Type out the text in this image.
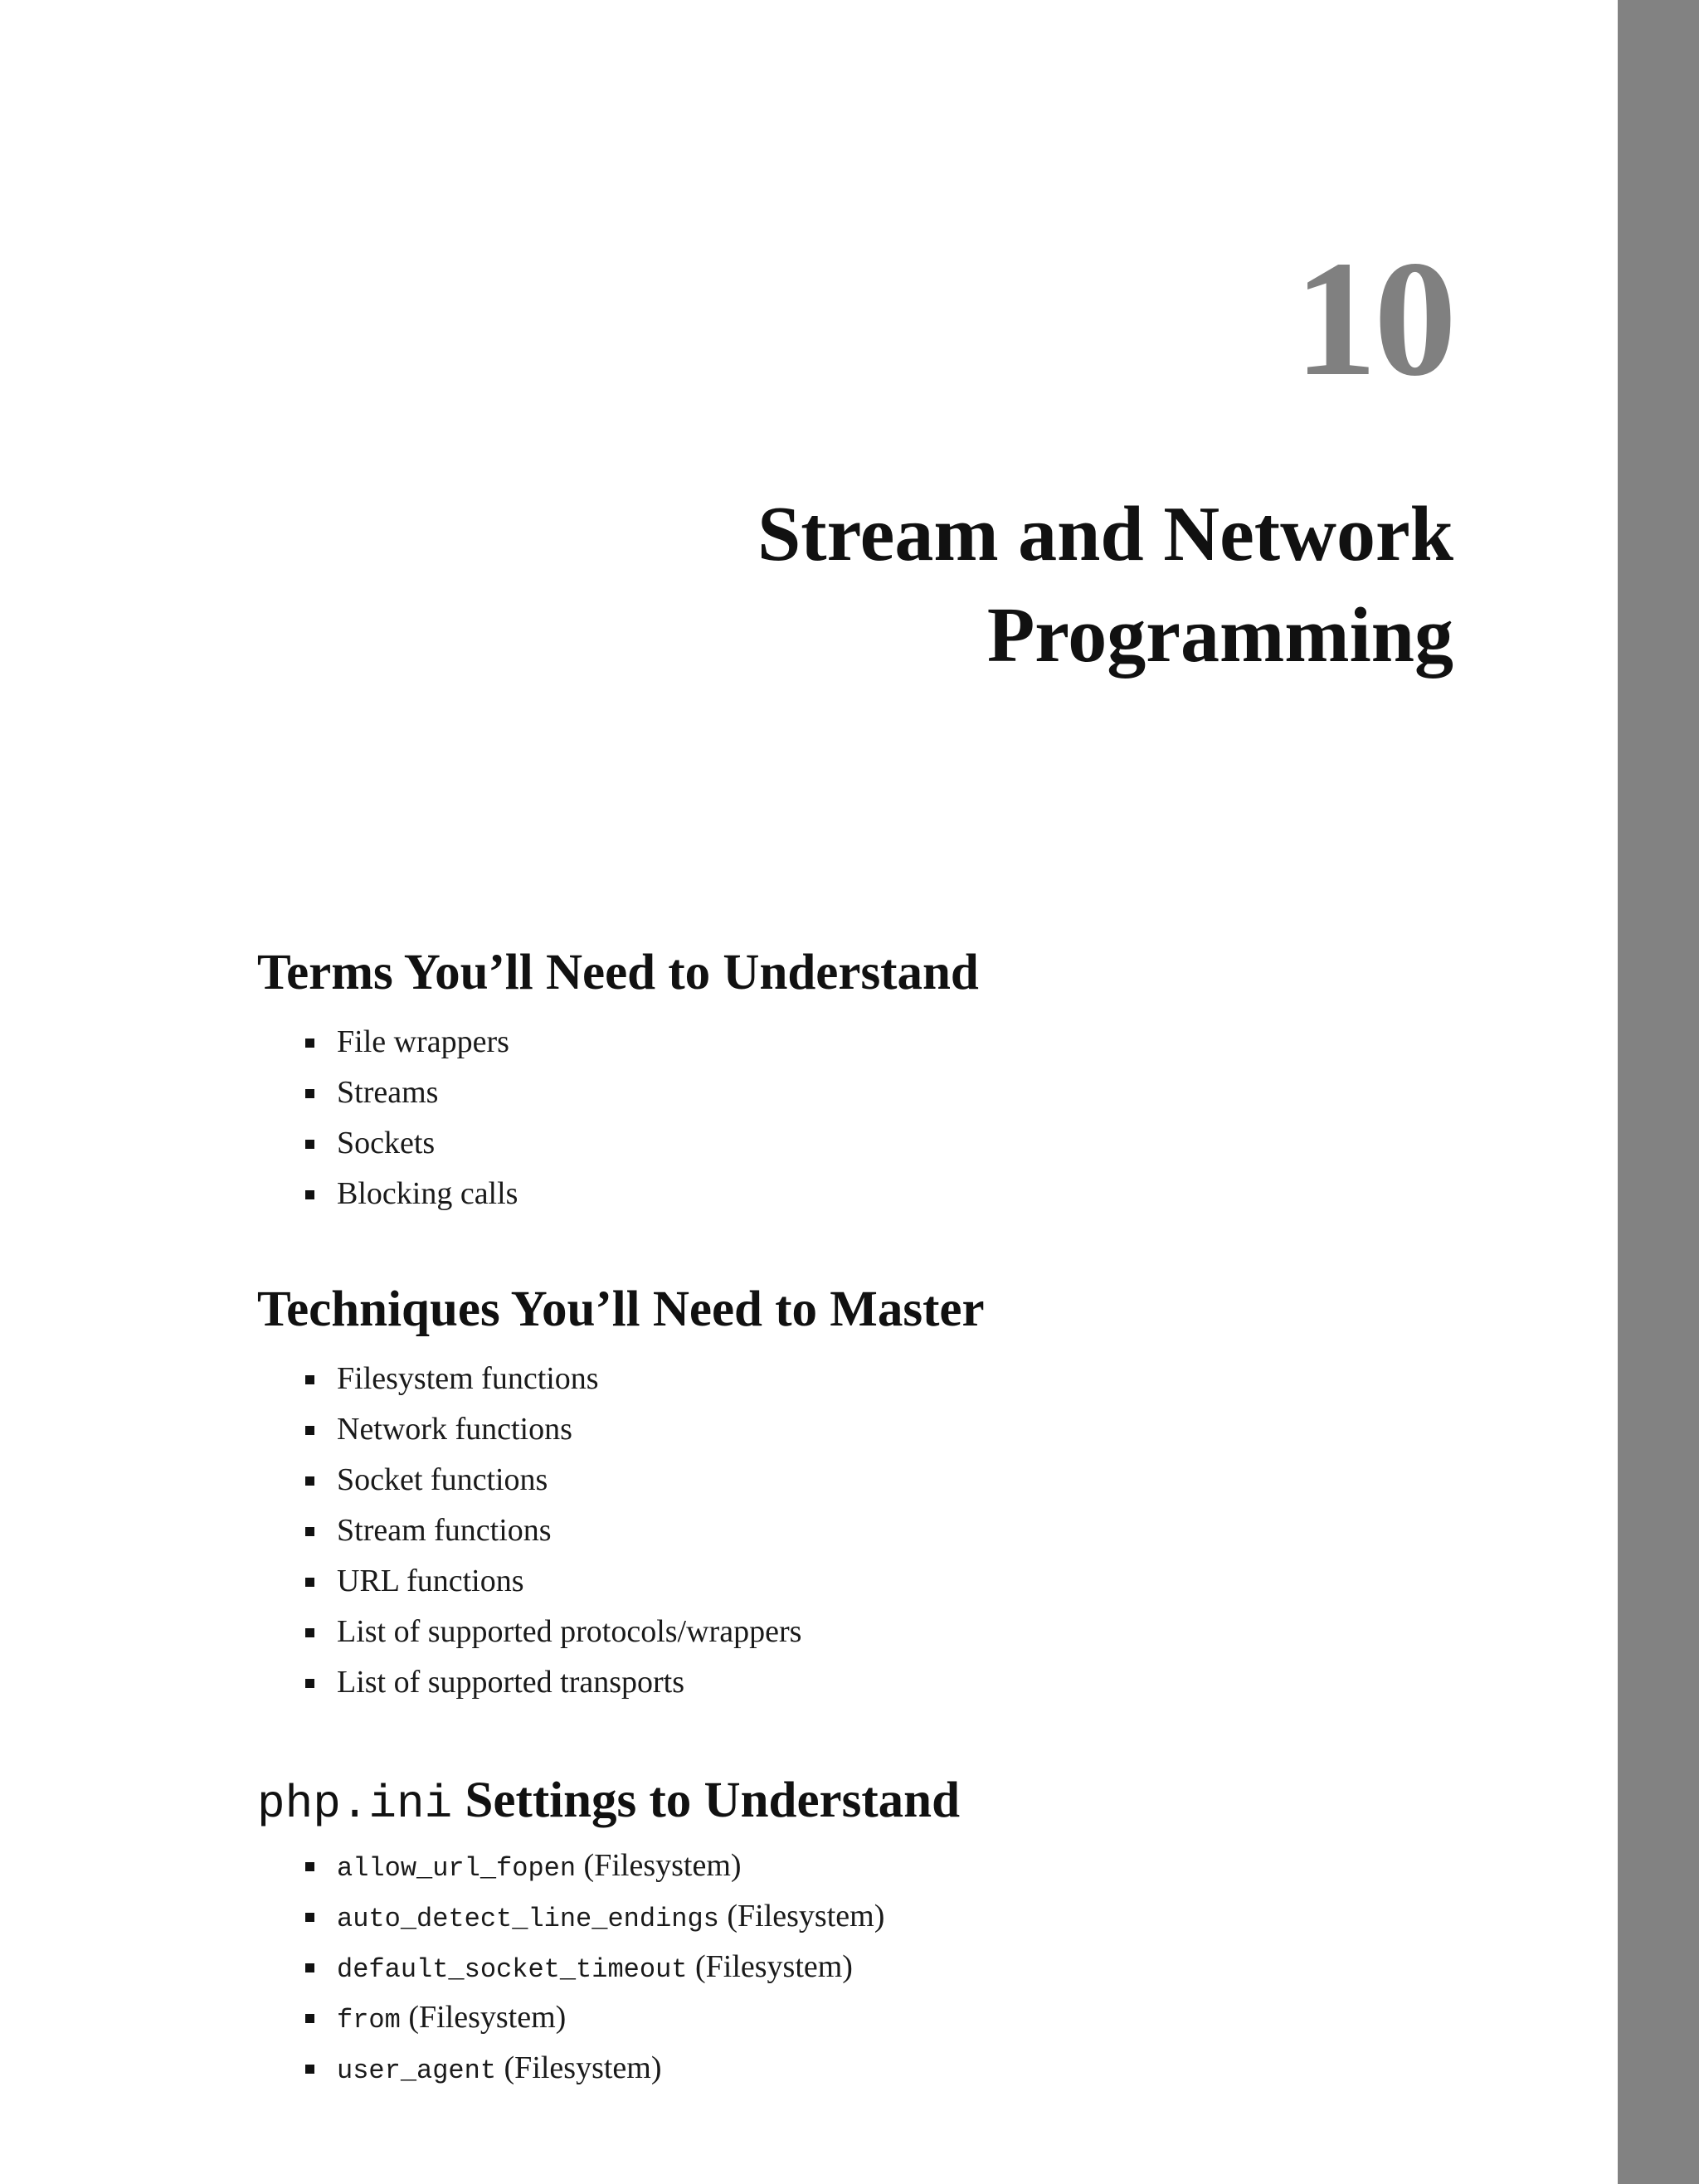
10
Stream and Network
Programming
Terms You’ll Need to Understand
File wrappers
Streams
Sockets
Blocking calls
Techniques You’ll Need to Master
Filesystem functions
Network functions
Socket functions
Stream functions
URL functions
List of supported protocols/wrappers
List of supported transports
php.ini Settings to Understand
allow_url_fopen (Filesystem)
auto_detect_line_endings (Filesystem)
default_socket_timeout (Filesystem)
from (Filesystem)
user_agent (Filesystem)
